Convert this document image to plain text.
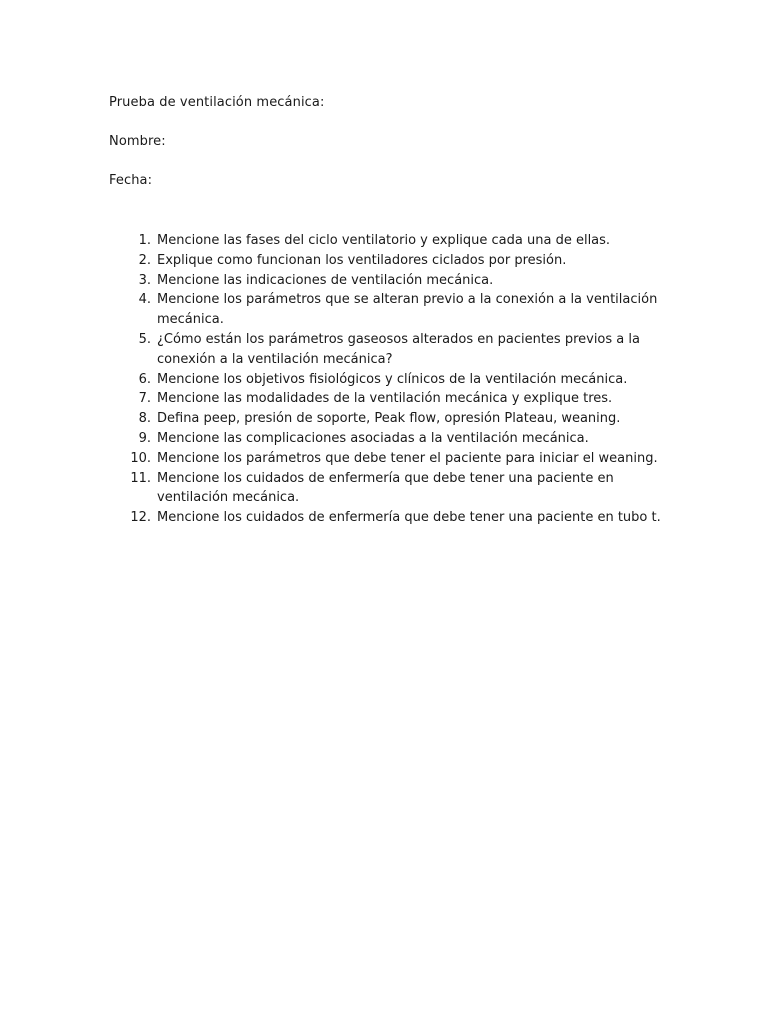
Prueba de ventilación mecánica:
Nombre:
Fecha:
1. Mencione las fases del ciclo ventilatorio y explique cada una de ellas.
2. Explique como funcionan los ventiladores ciclados por presión.
3. Mencione las indicaciones de ventilación mecánica.
4. Mencione los parámetros que se alteran previo a la conexión a la ventilación mecánica.
5. ¿Cómo están los parámetros gaseosos alterados en pacientes previos a la conexión a la ventilación mecánica?
6. Mencione los objetivos fisiológicos y clínicos de la ventilación mecánica.
7. Mencione las modalidades de la ventilación mecánica y explique tres.
8. Defina peep, presión de soporte, Peak flow, opresión Plateau, weaning.
9. Mencione las complicaciones asociadas a la ventilación mecánica.
10. Mencione los parámetros que debe tener el paciente para iniciar el weaning.
11. Mencione los cuidados de enfermería que debe tener una paciente en ventilación mecánica.
12. Mencione los cuidados de enfermería que debe tener una paciente en tubo t.
